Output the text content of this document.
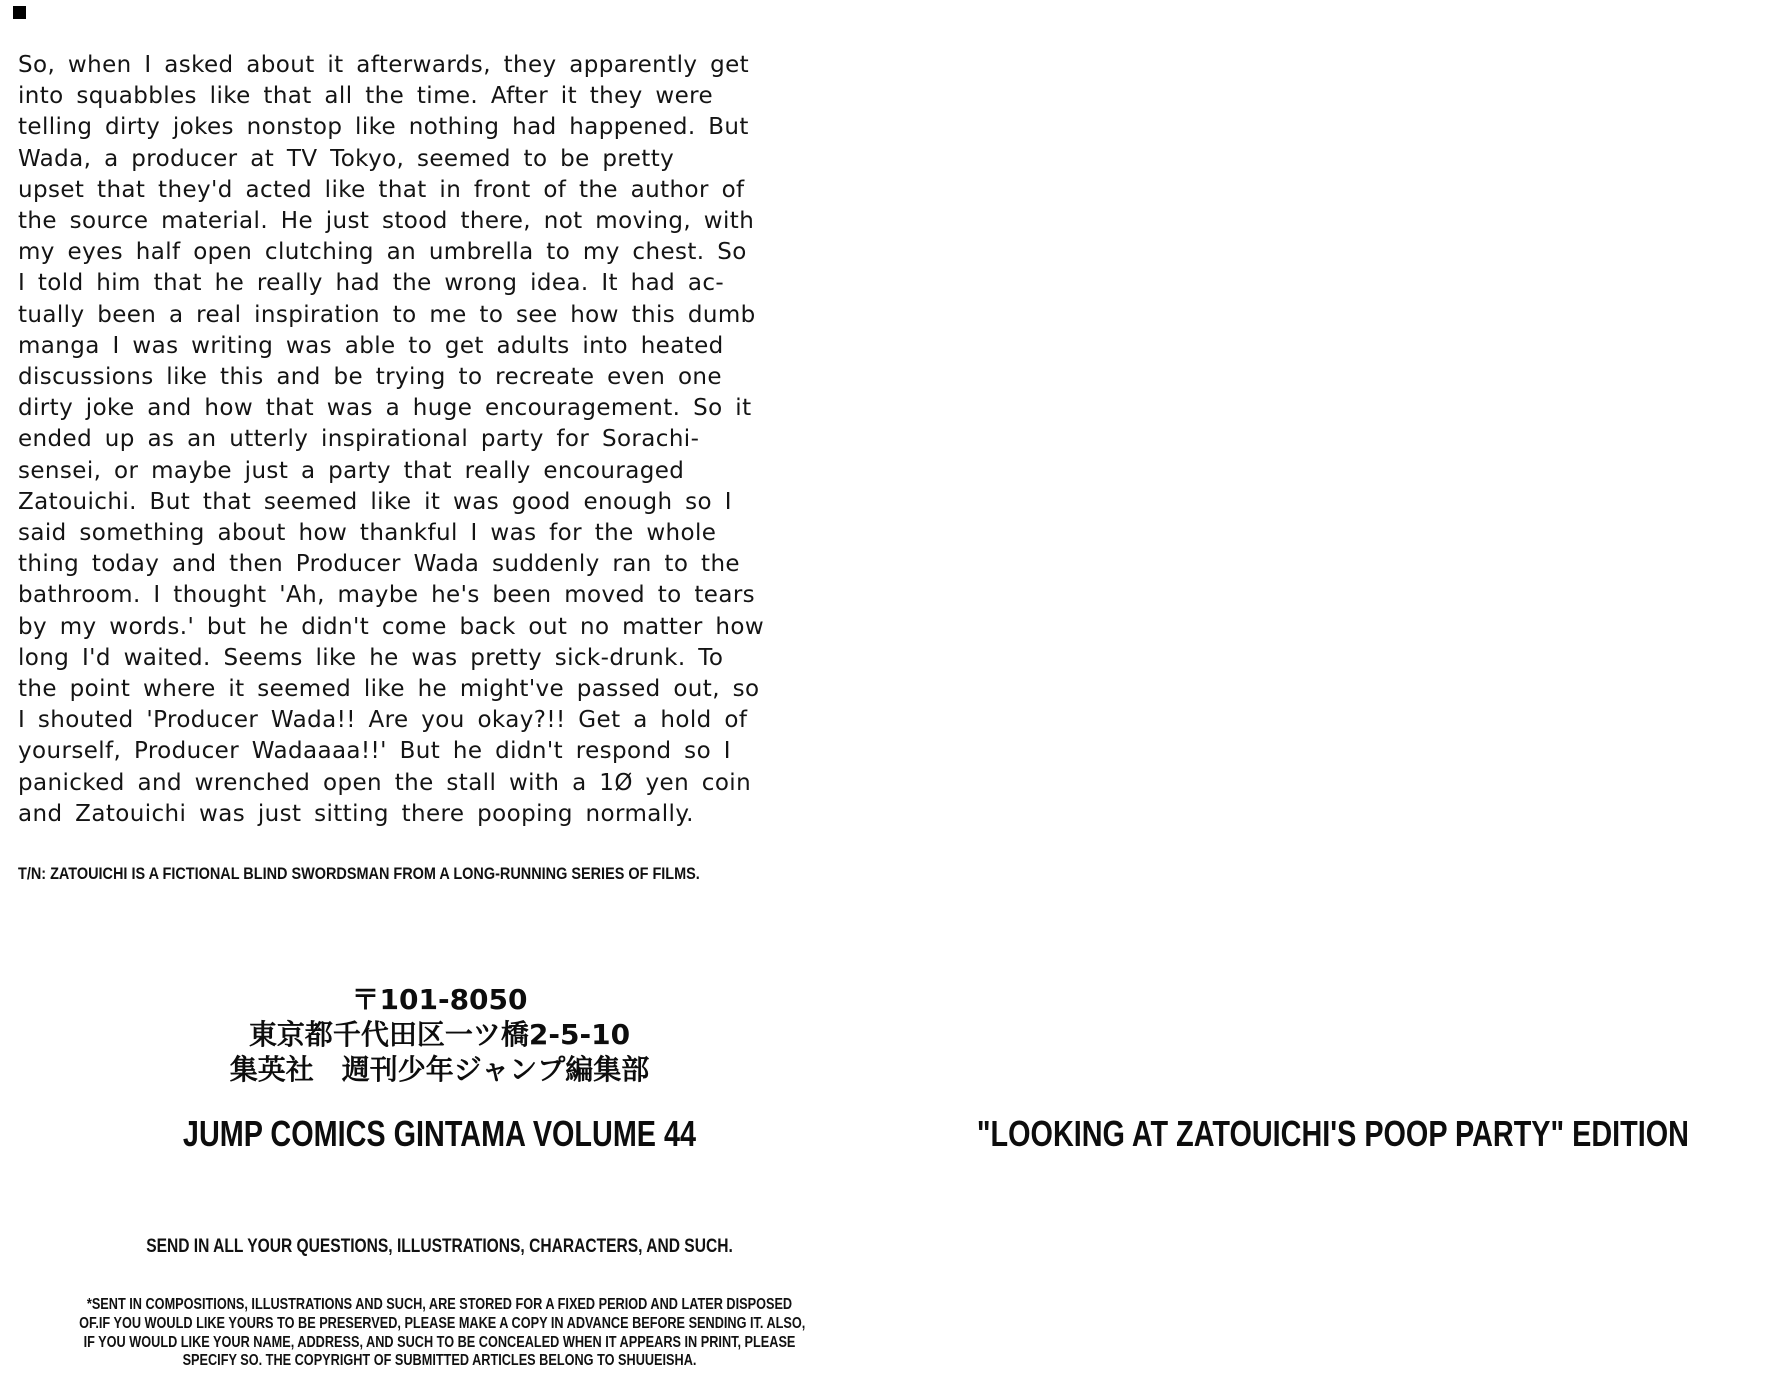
So, when I asked about it afterwards, they apparently get
into squabbles like that all the time. After it they were
telling dirty jokes nonstop like nothing had happened. But
Wada, a producer at TV Tokyo, seemed to be pretty
upset that they'd acted like that in front of the author of
the source material. He just stood there, not moving, with
my eyes half open clutching an umbrella to my chest. So
I told him that he really had the wrong idea. It had ac-
tually been a real inspiration to me to see how this dumb
manga I was writing was able to get adults into heated
discussions like this and be trying to recreate even one
dirty joke and how that was a huge encouragement. So it
ended up as an utterly inspirational party for Sorachi-
sensei, or maybe just a party that really encouraged
Zatouichi. But that seemed like it was good enough so I
said something about how thankful I was for the whole
thing today and then Producer Wada suddenly ran to the
bathroom. I thought 'Ah, maybe he's been moved to tears
by my words.' but he didn't come back out no matter how
long I'd waited. Seems like he was pretty sick-drunk. To
the point where it seemed like he might've passed out, so
I shouted 'Producer Wada!! Are you okay?!! Get a hold of
yourself, Producer Wadaaaa!!' But he didn't respond so I
panicked and wrenched open the stall with a 1Ø yen coin
and Zatouichi was just sitting there pooping normally.
T/N: ZATOUICHI IS A FICTIONAL BLIND SWORDSMAN FROM A LONG-RUNNING SERIES OF FILMS.
〒101-8050
東京都千代田区一ツ橋2-5-10
集英社　週刊少年ジャンプ編集部
JUMP COMICS GINTAMA VOLUME 44	"LOOKING AT ZATOUICHI'S POOP PARTY" EDITION
SEND IN ALL YOUR QUESTIONS, ILLUSTRATIONS, CHARACTERS, AND SUCH.
*SENT IN COMPOSITIONS, ILLUSTRATIONS AND SUCH, ARE STORED FOR A FIXED PERIOD AND LATER DISPOSED
OF.IF YOU WOULD LIKE YOURS TO BE PRESERVED, PLEASE MAKE A COPY IN ADVANCE BEFORE SENDING IT. ALSO,
IF YOU WOULD LIKE YOUR NAME, ADDRESS, AND SUCH TO BE CONCEALED WHEN IT APPEARS IN PRINT, PLEASE
SPECIFY SO. THE COPYRIGHT OF SUBMITTED ARTICLES BELONG TO SHUUEISHA.
